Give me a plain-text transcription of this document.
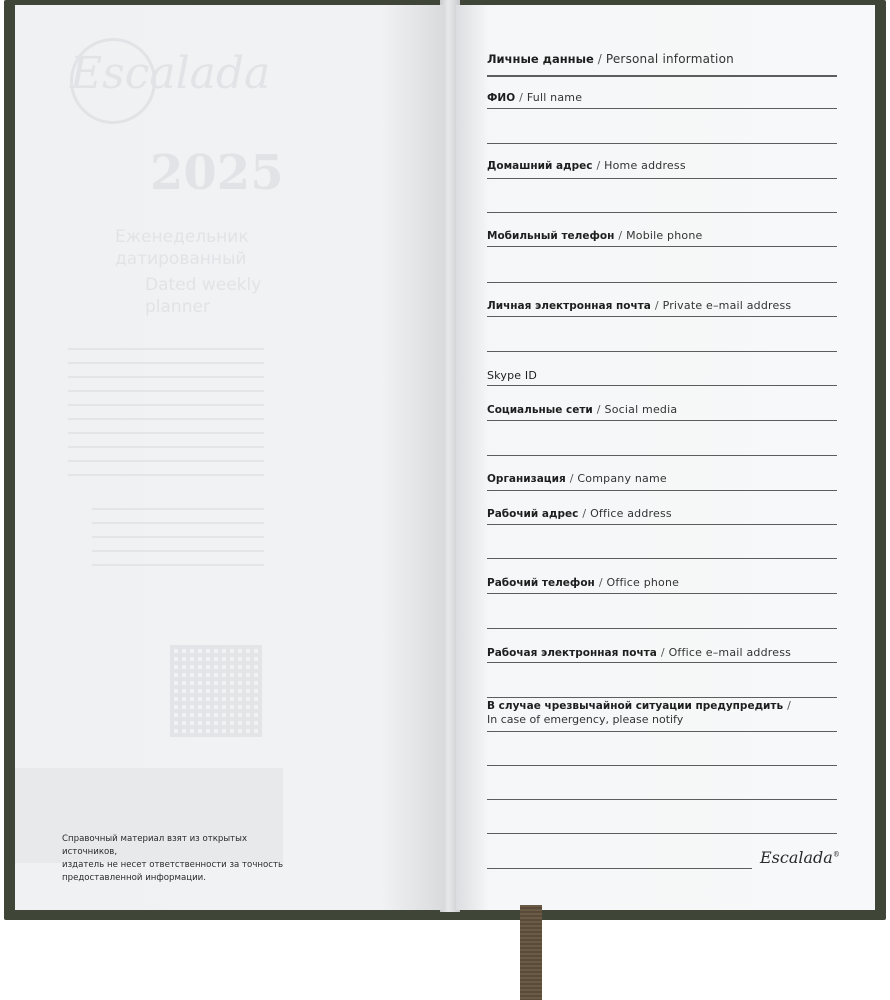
Escalada
2025
Еженедельник
датированный
Dated weekly
planner
Справочный материал взят из открытых источников,
издатель не несет ответственности за точность
предоставленной информации.
Личные данные / Personal information
ФИО / Full name
Домашний адрес / Home address
Мобильный телефон / Mobile phone
Личная электронная почта / Private e–mail address
Skype ID
Социальные сети / Social media
Организация / Company name
Рабочий адрес / Office address
Рабочий телефон / Office phone
Рабочая электронная почта / Office e–mail address
В случае чрезвычайной ситуации предупредить /
In case of emergency, please notify
Escalada®
